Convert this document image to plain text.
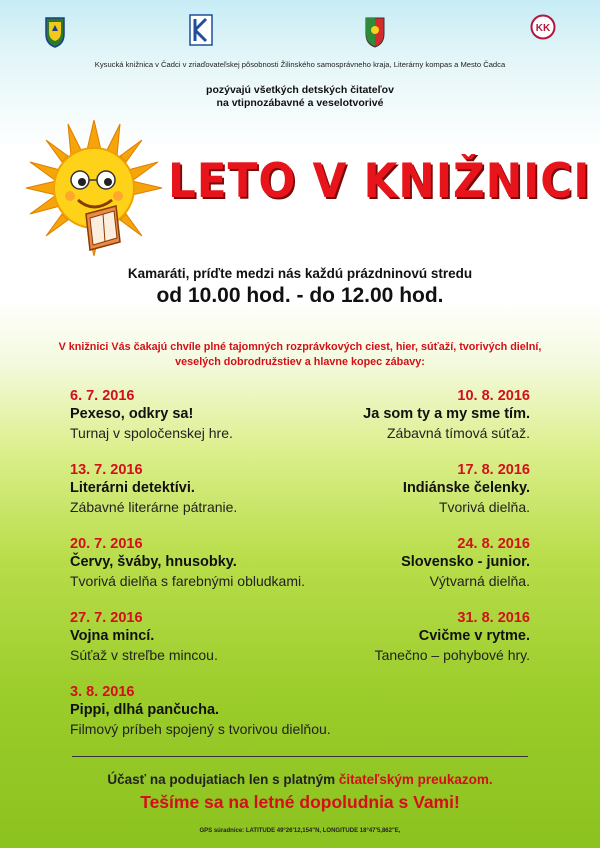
KK
Kysucká knižnica v Čadci v zriaďovateľskej pôsobnosti Žilinského samosprávneho kraja, Literárny kompas a Mesto Čadca
pozývajú všetkých detských čitateľov
na vtipnozábavné a veselotvorivé
LETO V KNIŽNICI
Kamaráti, príďte medzi nás každú prázdninovú stredu
od 10.00 hod. - do 12.00 hod.
V knižnici Vás čakajú chvíle plné tajomných rozprávkových ciest, hier, súťaží, tvorivých dielní,
veselých dobrodružstiev a hlavne kopec zábavy:
6. 7. 2016
Pexeso, odkry sa!
Turnaj v spoločenskej hre.
13. 7. 2016
Literárni detektívi.
Zábavné literárne pátranie.
20. 7. 2016
Červy, šváby, hnusobky.
Tvorivá dielňa s farebnými obludkami.
27. 7. 2016
Vojna mincí.
Súťaž v streľbe mincou.
3. 8. 2016
Pippi, dlhá pančucha.
Filmový príbeh spojený s tvorivou dielňou.
10. 8. 2016
Ja som ty a my sme tím.
Zábavná tímová súťaž.
17. 8. 2016
Indiánske čelenky.
Tvorivá dielňa.
24. 8. 2016
Slovensko - junior.
Výtvarná dielňa.
31. 8. 2016
Cvičme v rytme.
Tanečno – pohybové hry.
Účasť na podujatiach len s platným čitateľským preukazom.
Tešíme sa na letné dopoludnia s Vami!
GPS súradnice: LATITUDE 49°26'12,154"N, LONGITUDE 18°47'5,862"E,
